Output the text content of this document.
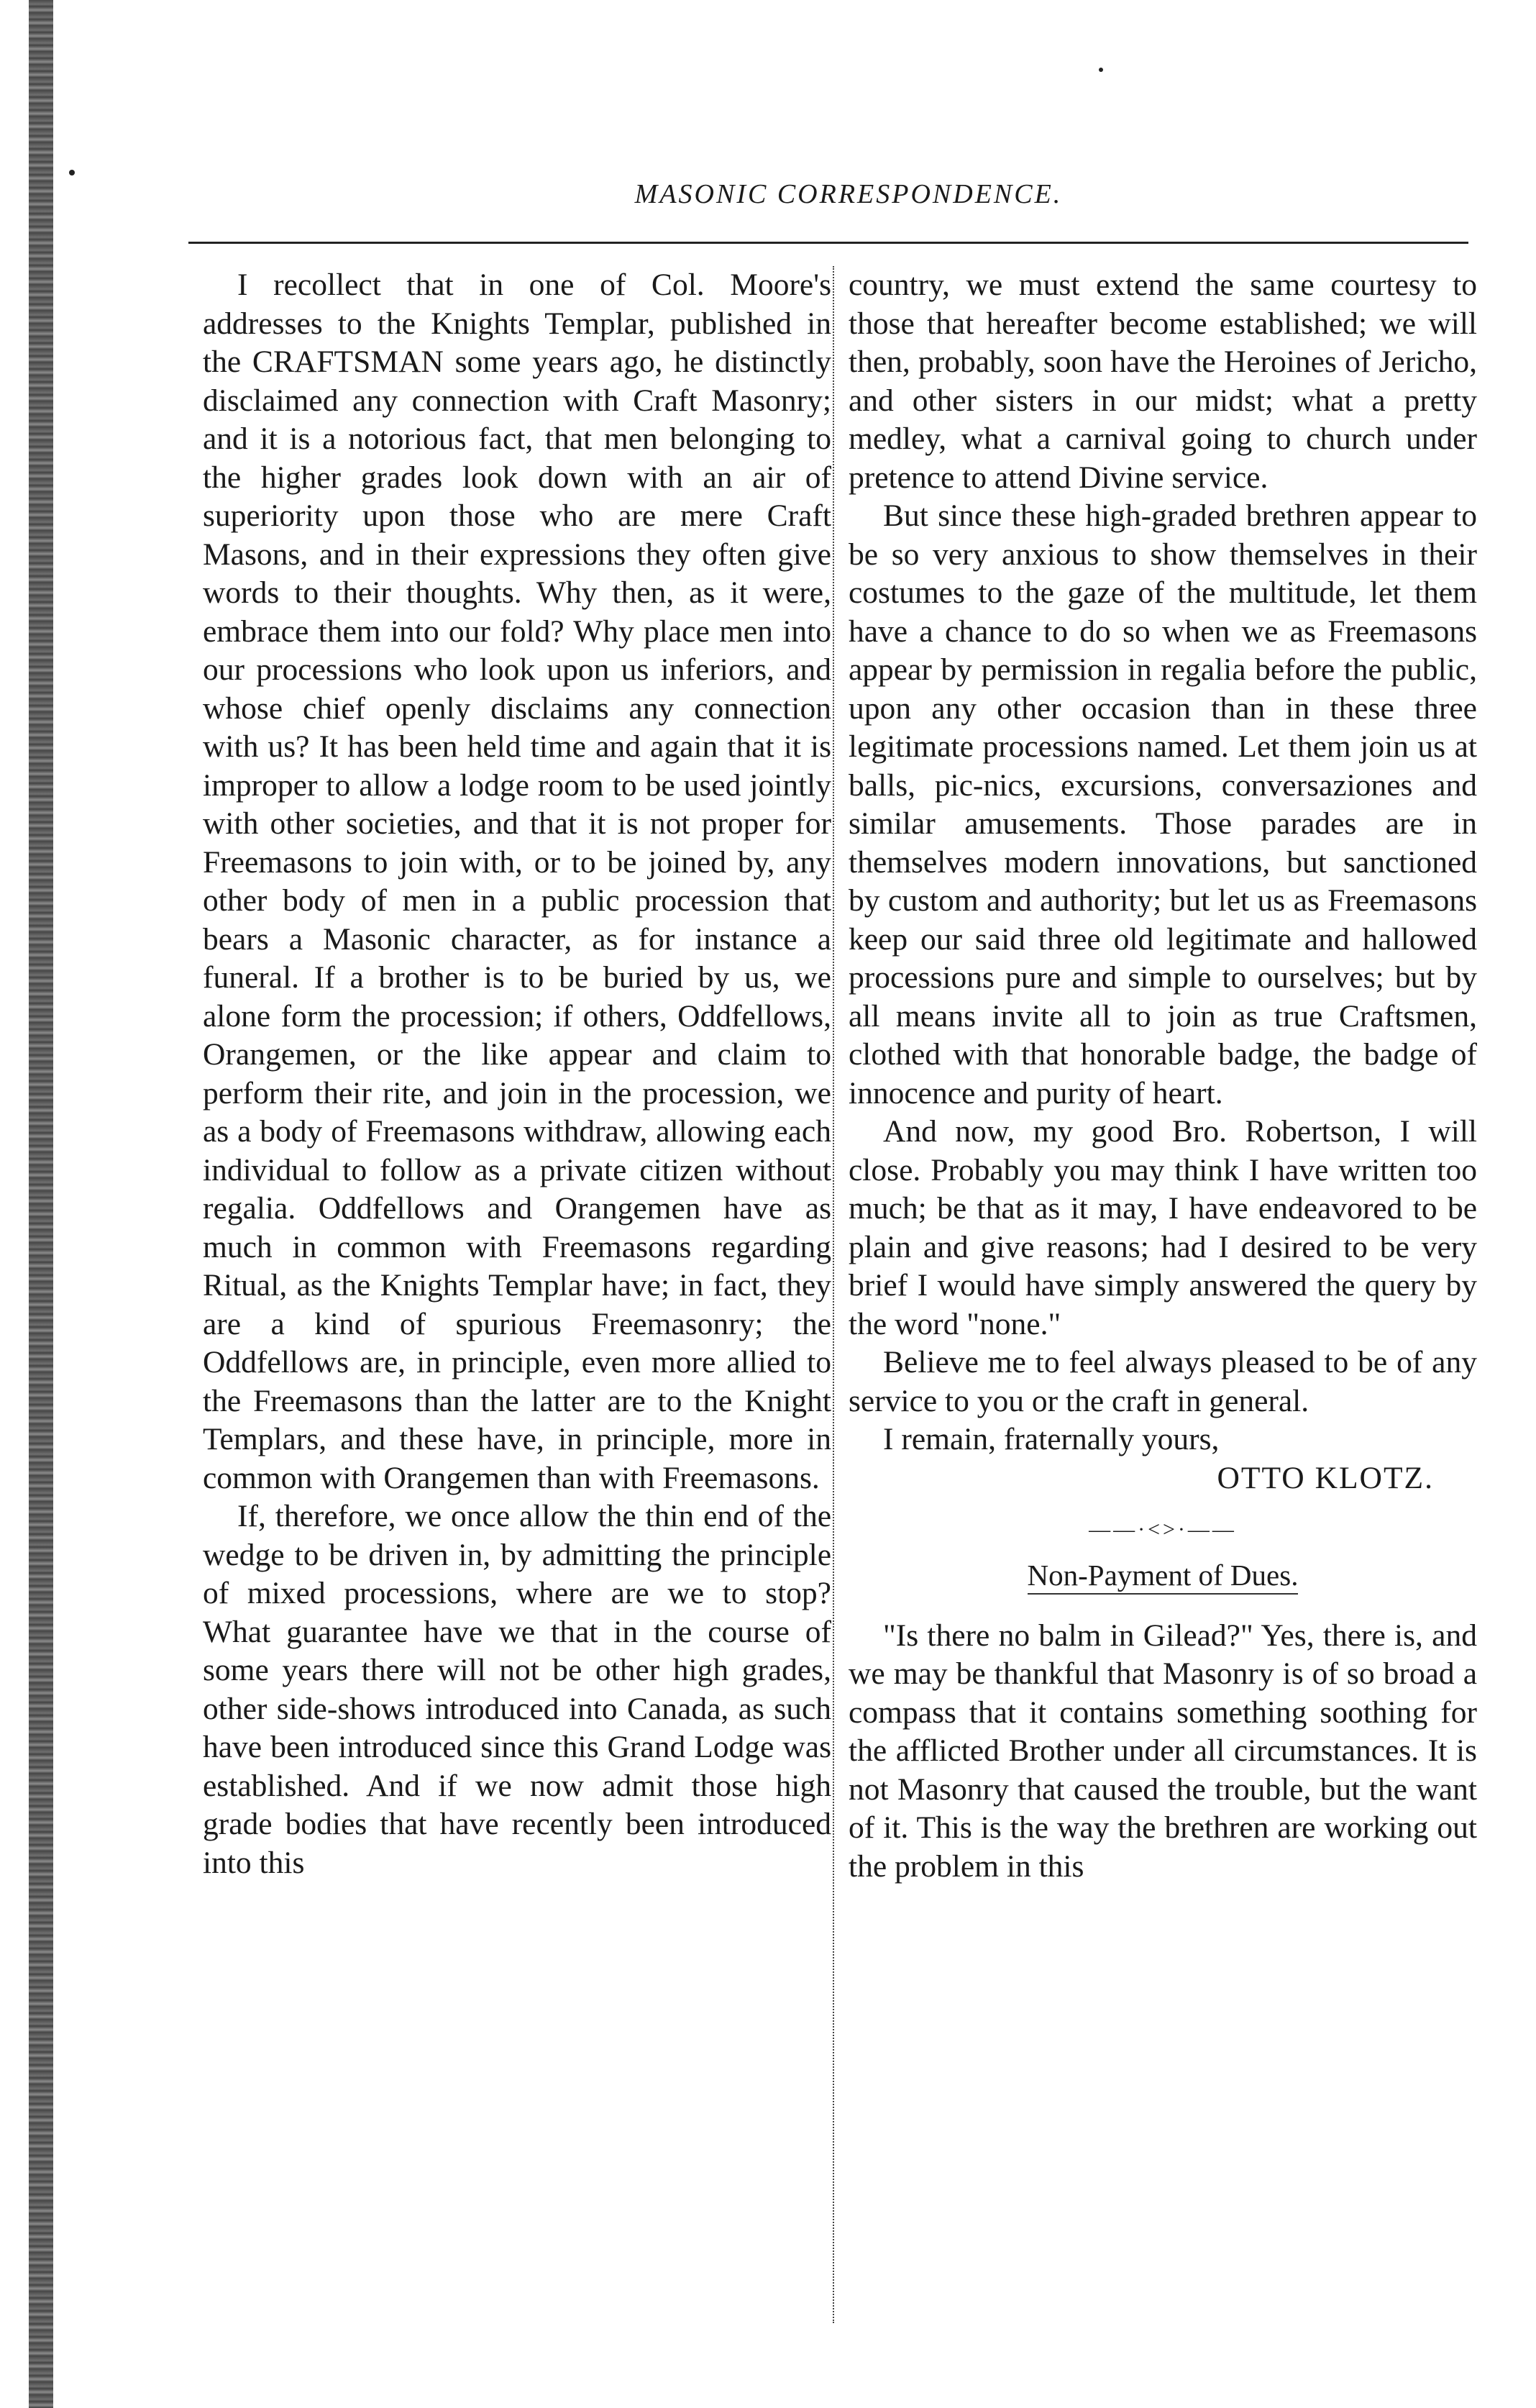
MASONIC CORRESPONDENCE.

I recollect that in one of Col. Moore's addresses to the Knights Templar, published in the CRAFTSMAN some years ago, he distinctly disclaimed any connection with Craft Masonry; and it is a notorious fact, that men belonging to the higher grades look down with an air of superiority upon those who are mere Craft Masons, and in their expressions they often give words to their thoughts. Why then, as it were, embrace them into our fold? Why place men into our processions who look upon us inferiors, and whose chief openly disclaims any connection with us? It has been held time and again that it is improper to allow a lodge room to be used jointly with other societies, and that it is not proper for Freemasons to join with, or to be joined by, any other body of men in a public procession that bears a Masonic character, as for instance a funeral. If a brother is to be buried by us, we alone form the procession; if others, Oddfellows, Orangemen, or the like appear and claim to perform their rite, and join in the procession, we as a body of Freemasons withdraw, allowing each individual to follow as a private citizen without regalia. Oddfellows and Orangemen have as much in common with Freemasons regarding Ritual, as the Knights Templar have; in fact, they are a kind of spurious Freemasonry; the Oddfellows are, in principle, even more allied to the Freemasons than the latter are to the Knight Templars, and these have, in principle, more in common with Orangemen than with Freemasons.

If, therefore, we once allow the thin end of the wedge to be driven in, by admitting the principle of mixed processions, where are we to stop? What guarantee have we that in the course of some years there will not be other high grades, other side-shows introduced into Canada, as such have been introduced since this Grand Lodge was established. And if we now admit those high grade bodies that have recently been introduced into this

country, we must extend the same courtesy to those that hereafter become established; we will then, probably, soon have the Heroines of Jericho, and other sisters in our midst; what a pretty medley, what a carnival going to church under pretence to attend Divine service.

But since these high-graded brethren appear to be so very anxious to show themselves in their costumes to the gaze of the multitude, let them have a chance to do so when we as Freemasons appear by permission in regalia before the public, upon any other occasion than in these three legitimate processions named. Let them join us at balls, pic-nics, excursions, conversaziones and similar amusements. Those parades are in themselves modern innovations, but sanctioned by custom and authority; but let us as Freemasons keep our said three old legitimate and hallowed processions pure and simple to ourselves; but by all means invite all to join as true Craftsmen, clothed with that honorable badge, the badge of innocence and purity of heart.

And now, my good Bro. Robertson, I will close. Probably you may think I have written too much; be that as it may, I have endeavored to be plain and give reasons; had I desired to be very brief I would have simply answered the query by the word "none."

Believe me to feel always pleased to be of any service to you or the craft in general.

I remain, fraternally yours,

OTTO KLOTZ.

——·<>·——
Non-Payment of Dues.

"Is there no balm in Gilead?" Yes, there is, and we may be thankful that Masonry is of so broad a compass that it contains something soothing for the afflicted Brother under all circumstances. It is not Masonry that caused the trouble, but the want of it. This is the way the brethren are working out the problem in this
